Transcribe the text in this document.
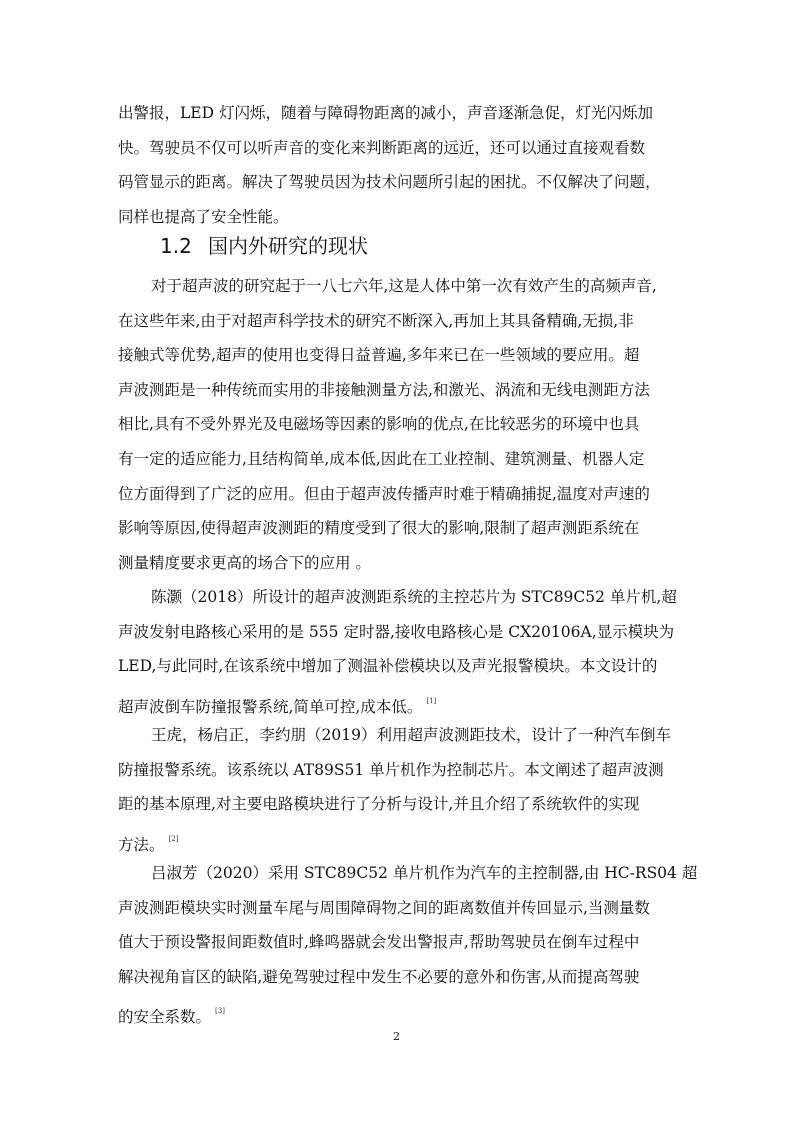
出警报，LED 灯闪烁，随着与障碍物距离的减小，声音逐渐急促，灯光闪烁加
快。驾驶员不仅可以听声音的变化来判断距离的远近，还可以通过直接观看数
码管显示的距离。解决了驾驶员因为技术问题所引起的困扰。不仅解决了问题，
同样也提高了安全性能。
1.2 国内外研究的现状
对于超声波的研究起于一八七六年,这是人体中第一次有效产生的高频声音,
在这些年来,由于对超声科学技术的研究不断深入,再加上其具备精确,无损,非
接触式等优势,超声的使用也变得日益普遍,多年来已在一些领域的要应用。超
声波测距是一种传统而实用的非接触测量方法,和激光、涡流和无线电测距方法
相比,具有不受外界光及电磁场等因素的影响的优点,在比较恶劣的环境中也具
有一定的适应能力,且结构简单,成本低,因此在工业控制、建筑测量、机器人定
位方面得到了广泛的应用。但由于超声波传播声时难于精确捕捉,温度对声速的
影响等原因,使得超声波测距的精度受到了很大的影响,限制了超声测距系统在
测量精度要求更高的场合下的应用 。
陈灏（2018）所设计的超声波测距系统的主控芯片为 STC89C52 单片机,超
声波发射电路核心采用的是 555 定时器,接收电路核心是 CX20106A,显示模块为
LED,与此同时,在该系统中增加了测温补偿模块以及声光报警模块。本文设计的
超声波倒车防撞报警系统,简单可控,成本低。 [1]
王虎，杨启正，李约朋（2019）利用超声波测距技术，设计了一种汽车倒车
防撞报警系统。该系统以 AT89S51 单片机作为控制芯片。本文阐述了超声波测
距的基本原理,对主要电路模块进行了分析与设计,并且介绍了系统软件的实现
方法。 [2]
吕淑芳（2020）采用 STC89C52 单片机作为汽车的主控制器,由 HC-RS04 超
声波测距模块实时测量车尾与周围障碍物之间的距离数值并传回显示,当测量数
值大于预设警报间距数值时,蜂鸣器就会发出警报声,帮助驾驶员在倒车过程中
解决视角盲区的缺陷,避免驾驶过程中发生不必要的意外和伤害,从而提高驾驶
的安全系数。 [3]
2
